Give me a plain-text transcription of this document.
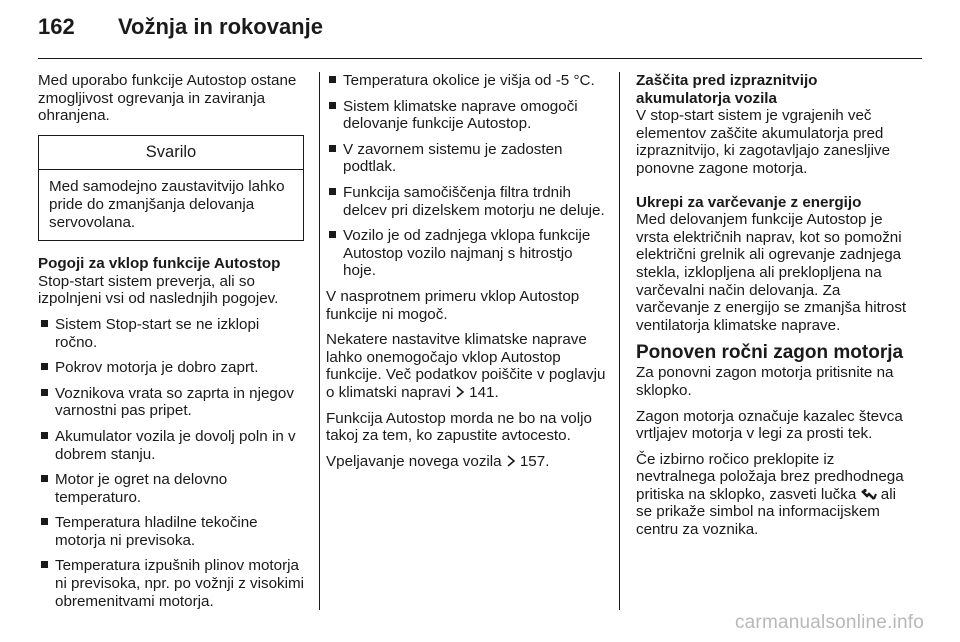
162	Vožnja in rokovanje

Med uporabo funkcije Autostop ostane zmogljivost ogrevanja in zaviranja ohranjena.

Svarilo
Med samodejno zaustavitvijo lahko pride do zmanjšanja delovanja servovolana.
Pogoji za vklop funkcije Autostop

Stop-start sistem preverja, ali so izpolnjeni vsi od naslednjih pogojev.

Sistem Stop-start se ne izklopi ročno.
Pokrov motorja je dobro zaprt.
Voznikova vrata so zaprta in njegov varnostni pas pripet.
Akumulator vozila je dovolj poln in v dobrem stanju.
Motor je ogret na delovno temperaturo.
Temperatura hladilne tekočine motorja ni previsoka.
Temperatura izpušnih plinov motorja ni previsoka, npr. po vožnji z visokimi obremenitvami motorja.
Temperatura okolice je višja od -5 °C.
Sistem klimatske naprave omogoči delovanje funkcije Autostop.
V zavornem sistemu je zadosten podtlak.
Funkcija samočiščenja filtra trdnih delcev pri dizelskem motorju ne deluje.
Vozilo je od zadnjega vklopa funkcije Autostop vozilo najmanj s hitrostjo hoje.

V nasprotnem primeru vklop Autostop funkcije ni mogoč.

Nekatere nastavitve klimatske naprave lahko onemogočajo vklop Autostop funkcije. Več podatkov poiščite v poglavju o klimatski napravi 141.

Funkcija Autostop morda ne bo na voljo takoj za tem, ko zapustite avtocesto.

Vpeljavanje novega vozila 157.

Zaščita pred izpraznitvijo akumulatorja vozila

V stop-start sistem je vgrajenih več elementov zaščite akumulatorja pred izpraznitvijo, ki zagotavljajo zanesljive ponovne zagone motorja.

Ukrepi za varčevanje z energijo

Med delovanjem funkcije Autostop je vrsta električnih naprav, kot so pomožni električni grelnik ali ogrevanje zadnjega stekla, izklopljena ali preklopljena na varčevalni način delovanja. Za varčevanje z energijo se zmanjša hitrost ventilatorja klimatske naprave.

Ponoven ročni zagon motorja

Za ponovni zagon motorja pritisnite na sklopko.

Zagon motorja označuje kazalec števca vrtljajev motorja v legi za prosti tek.

Če izbirno ročico preklopite iz nevtralnega položaja brez predhodnega pritiska na sklopko, zasveti lučka ali se prikaže simbol na informacijskem centru za voznika.

carmanualsonline.info
